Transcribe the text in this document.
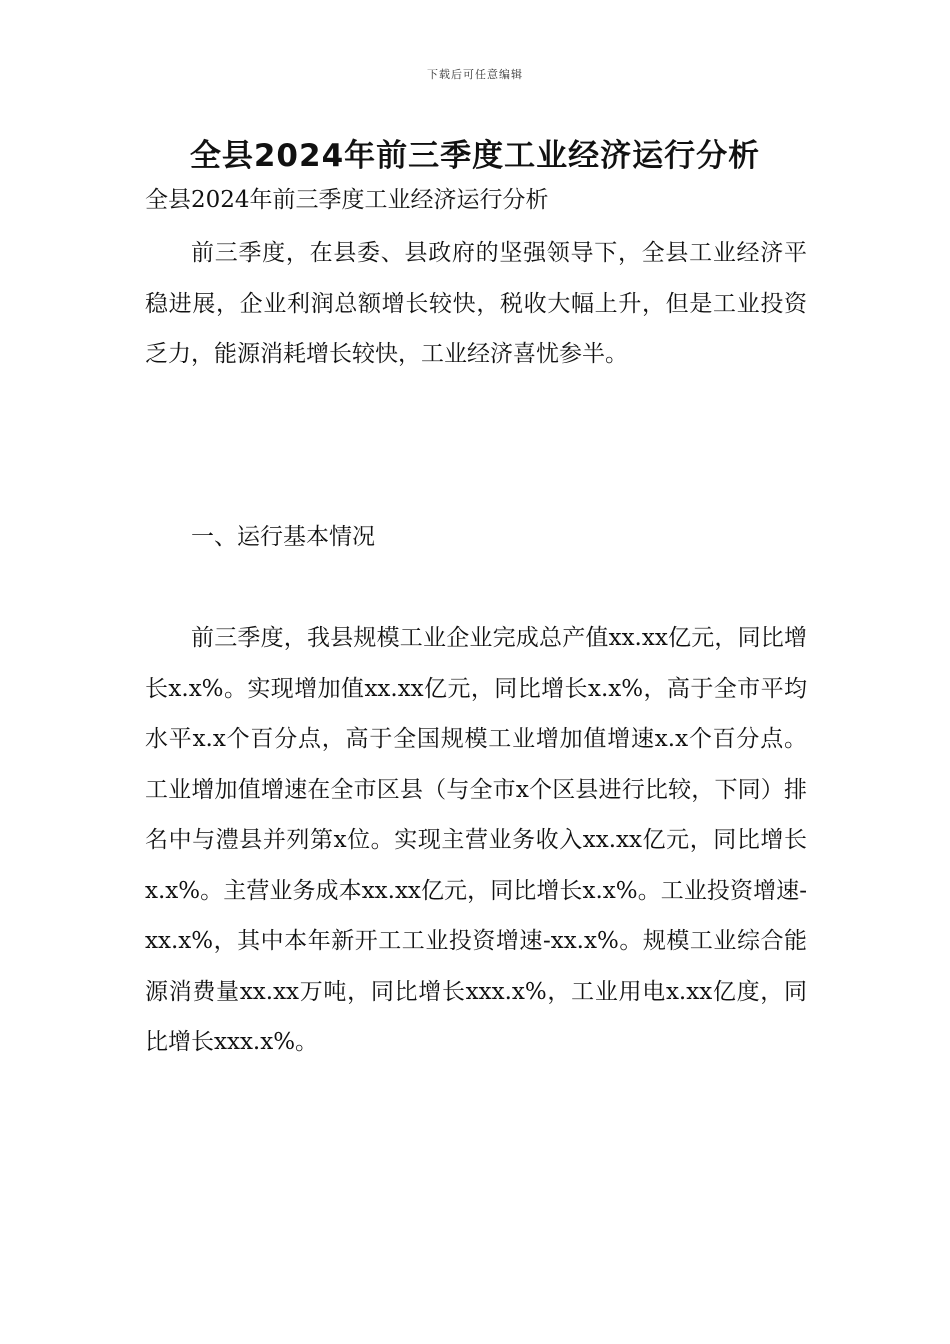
下载后可任意编辑
全县2024年前三季度工业经济运行分析

全县2024年前三季度工业经济运行分析

前三季度，在县委、县政府的坚强领导下，全县工业经济平稳进展，企业利润总额增长较快，税收大幅上升，但是工业投资乏力，能源消耗增长较快，工业经济喜忧参半。

一、运行基本情况

前三季度，我县规模工业企业完成总产值xx.xx亿元，同比增长x.x%。实现增加值xx.xx亿元，同比增长x.x%，高于全市平均水平x.x个百分点，高于全国规模工业增加值增速x.x个百分点。工业增加值增速在全市区县（与全市x个区县进行比较，下同）排名中与澧县并列第x位。实现主营业务收入xx.xx亿元，同比增长x.x%。主营业务成本xx.xx亿元，同比增长x.x%。工业投资增速-xx.x%，其中本年新开工工业投资增速-xx.x%。规模工业综合能源消费量xx.xx万吨，同比增长xxx.x%，工业用电x.xx亿度，同比增长xxx.x%。
